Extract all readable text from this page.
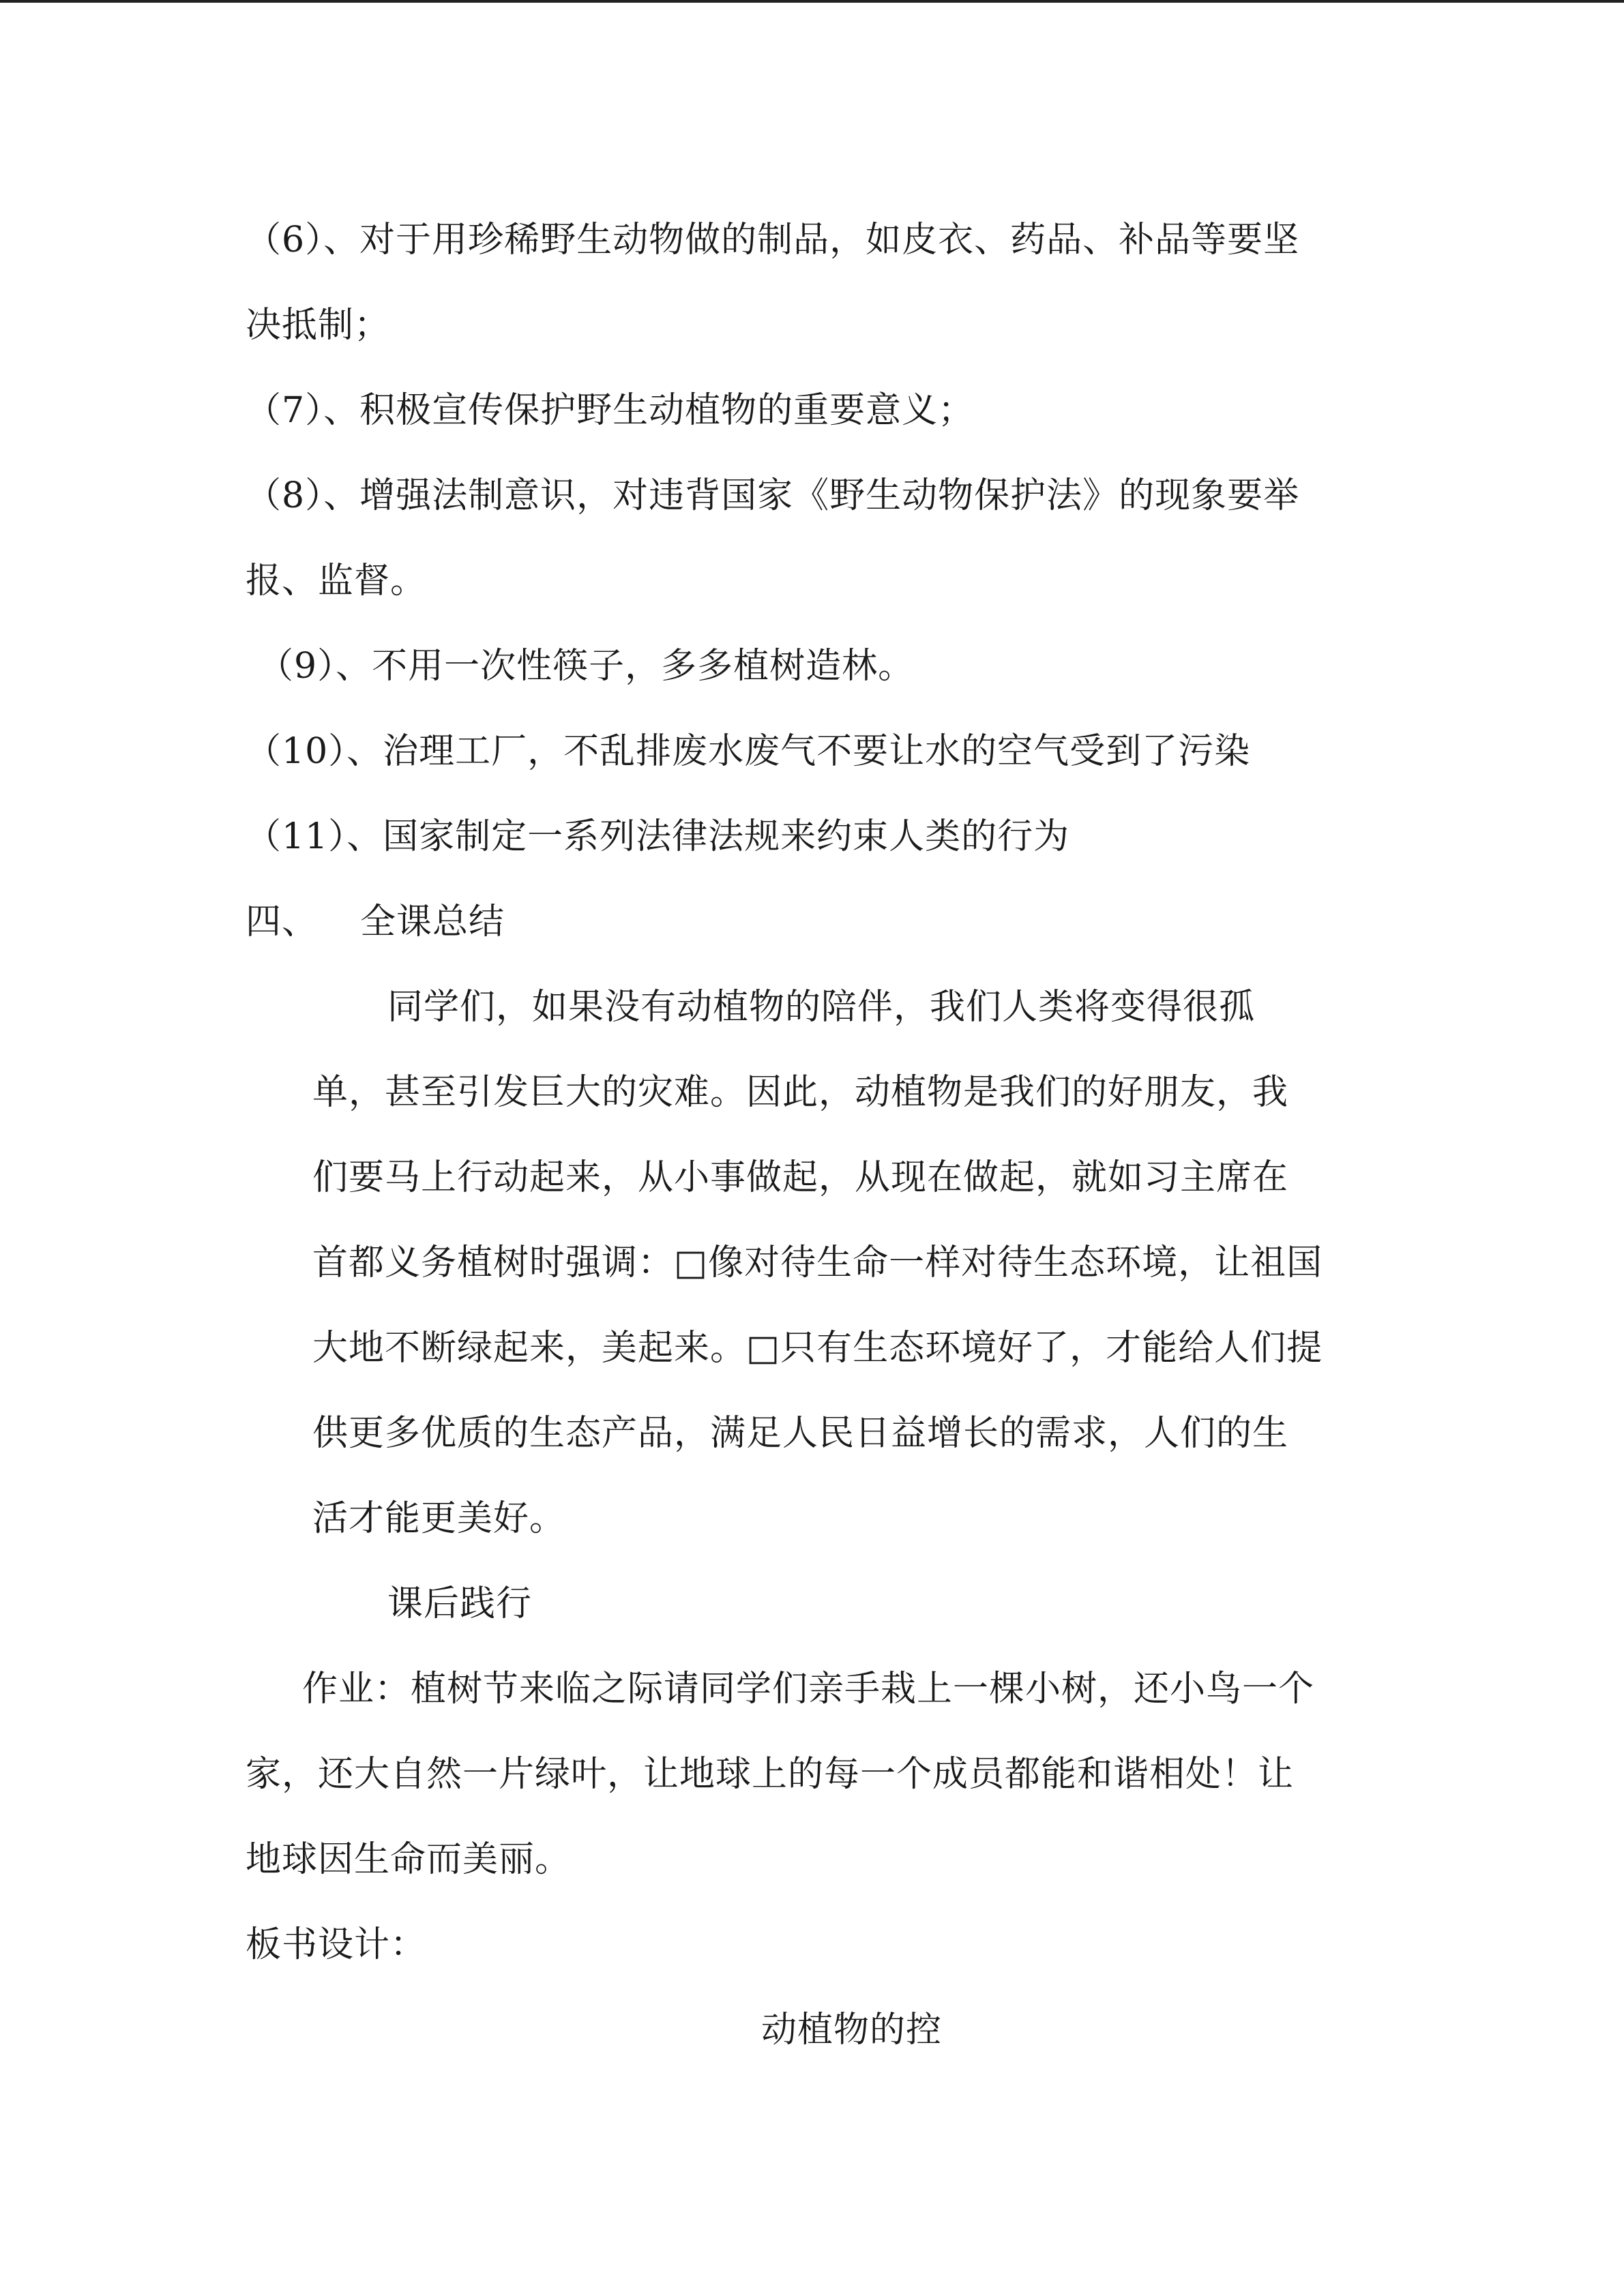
（6）、对于用珍稀野生动物做的制品，如皮衣、药品、补品等要坚
决抵制；
（7）、积极宣传保护野生动植物的重要意义；
（8）、增强法制意识，对违背国家《野生动物保护法》的现象要举
报、监督。
（9）、不用一次性筷子，多多植树造林。
（10）、治理工厂，不乱排废水废气不要让水的空气受到了污染
（11）、国家制定一系列法律法规来约束人类的行为
四、 全课总结
同学们，如果没有动植物的陪伴，我们人类将变得很孤
单，甚至引发巨大的灾难。因此，动植物是我们的好朋友，我
们要马上行动起来，从小事做起，从现在做起，就如习主席在
首都义务植树时强调：□像对待生命一样对待生态环境，让祖国
大地不断绿起来，美起来。□只有生态环境好了，才能给人们提
供更多优质的生态产品，满足人民日益增长的需求，人们的生
活才能更美好。
课后践行
作业：植树节来临之际请同学们亲手栽上一棵小树，还小鸟一个
家，还大自然一片绿叶，让地球上的每一个成员都能和谐相处！让
地球因生命而美丽。
板书设计：
动植物的控
